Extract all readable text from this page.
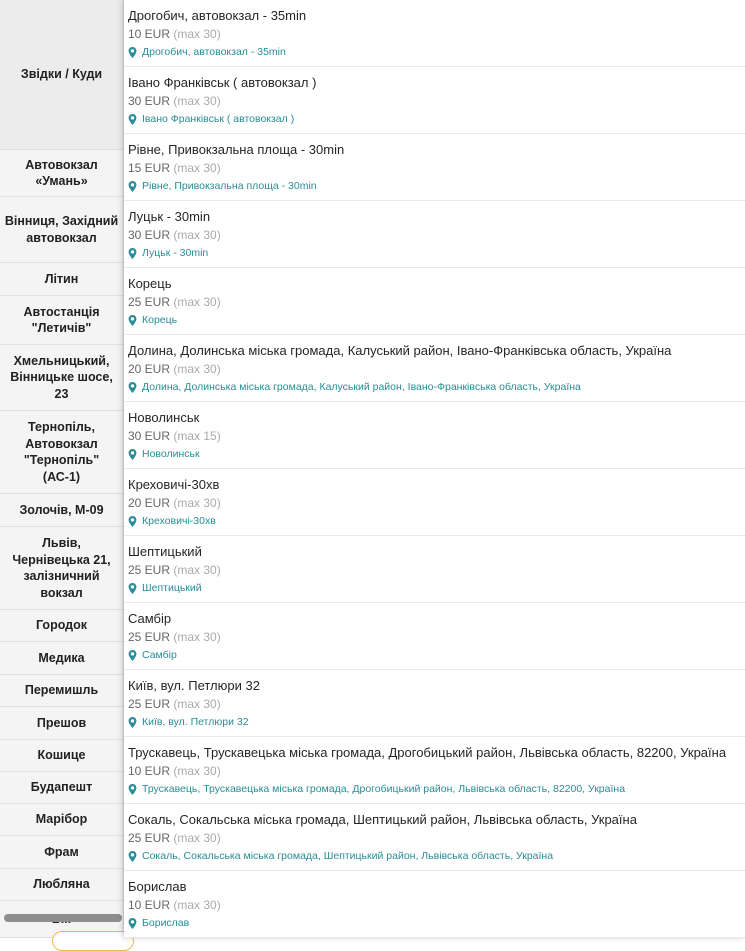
Звідки / Куди
Автовокзал «Умань»
Вінниця, Західний автовокзал
Літин
Автостанція "Летичів"
Хмельницький, Вінницьке шосе, 23
Тернопіль, Автовокзал "Тернопіль" (АС-1)
Золочів, М-09
Львів, Чернівецька 21, залізничний вокзал
Городок
Медика
Перемишль
Прешов
Кошице
Будапешт
Марібор
Фрам
Любляна
Дрогобич, автовокзал - 35min
10 EUR (max 30)
Дрогобич, автовокзал - 35min
Івано Франківськ ( автовокзал )
30 EUR (max 30)
Івано Франківськ ( автовокзал )
Рівне, Привокзальна площа - 30min
15 EUR (max 30)
Рівне, Привокзальна площа - 30min
Луцьк - 30min
30 EUR (max 30)
Луцьк - 30min
Корець
25 EUR (max 30)
Корець
Долина, Долинська міська громада, Калуський район, Івано-Франківська область, Україна
20 EUR (max 30)
Долина, Долинська міська громада, Калуський район, Івано-Франківська область, Україна
Новолинськ
30 EUR (max 15)
Новолинськ
Креховичі-30хв
20 EUR (max 30)
Креховичі-30хв
Шептицький
25 EUR (max 30)
Шептицький
Самбір
25 EUR (max 30)
Самбір
Київ, вул. Петлюри 32
25 EUR (max 30)
Київ, вул. Петлюри 32
Трускавець, Трускавецька міська громада, Дрогобицький район, Львівська область, 82200, Україна
10 EUR (max 30)
Трускавець, Трускавецька міська громада, Дрогобицький район, Львівська область, 82200, Україна
Сокаль, Сокальська міська громада, Шептицький район, Львівська область, Україна
25 EUR (max 30)
Сокаль, Сокальська міська громада, Шептицький район, Львівська область, Україна
Борислав
10 EUR (max 30)
Борислав
